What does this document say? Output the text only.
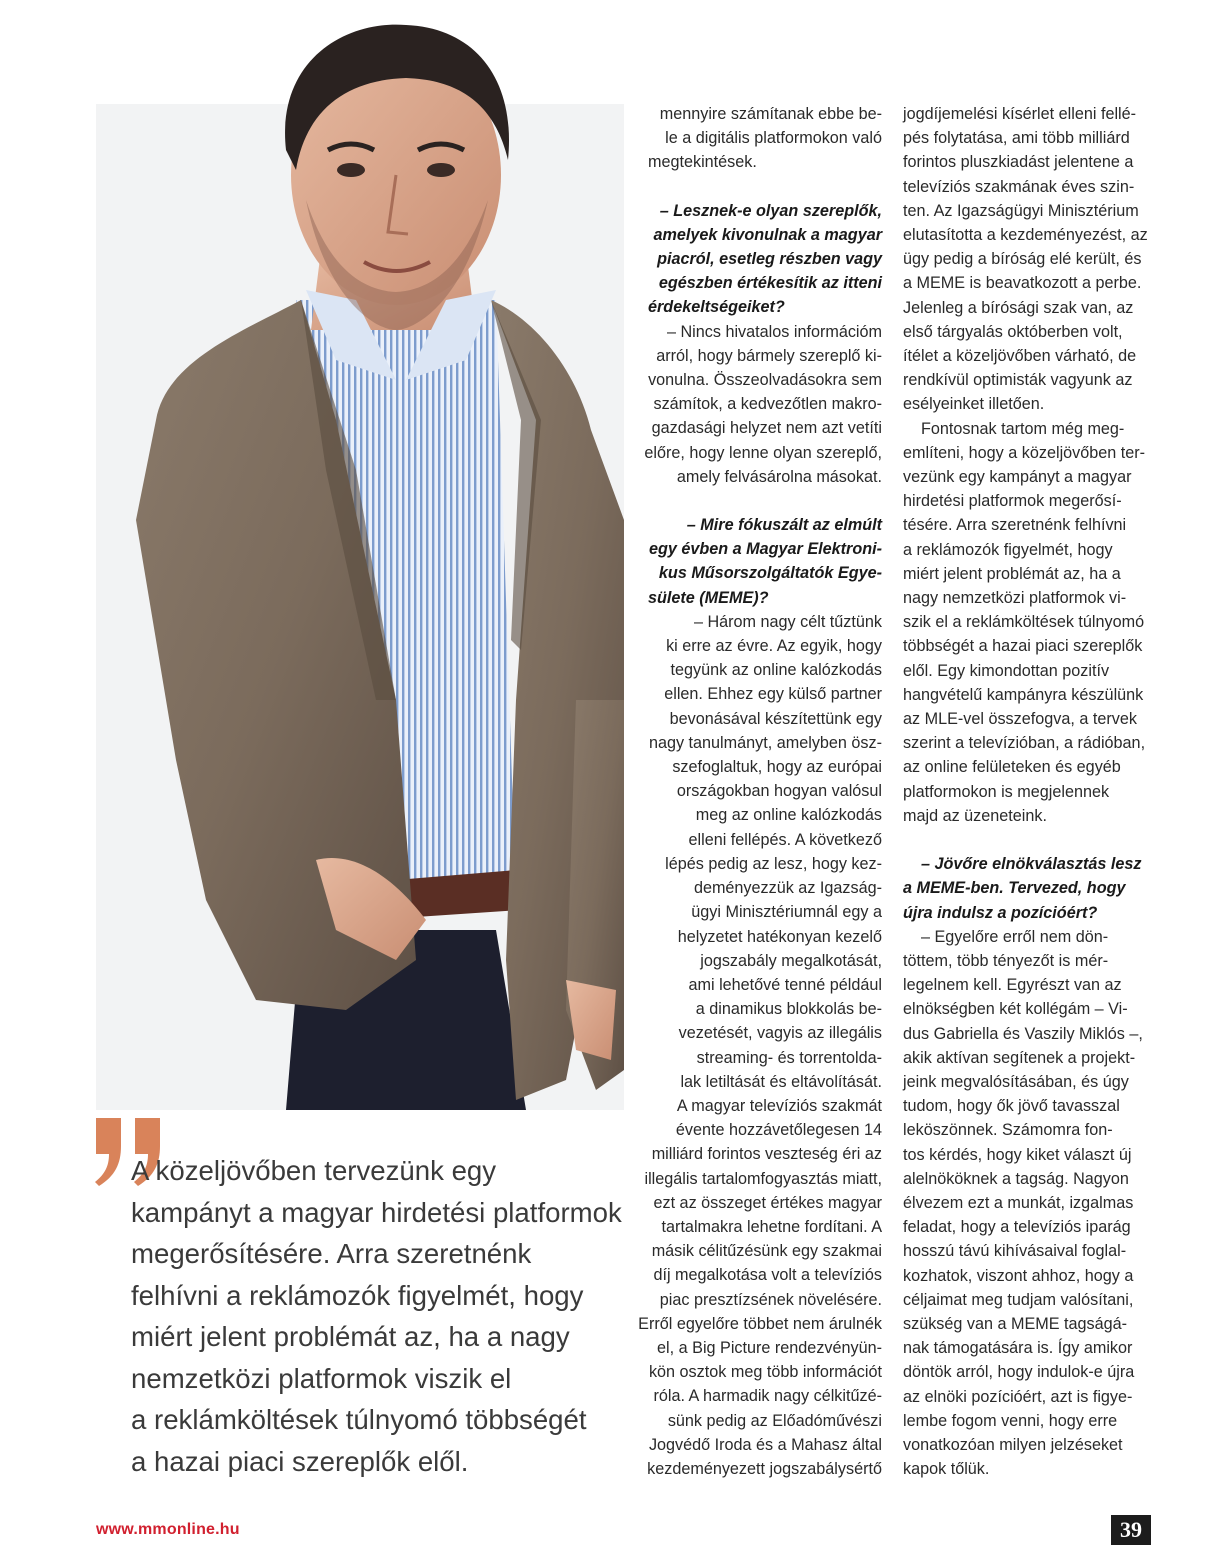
A közeljövőben tervezünk egy
kampányt a magyar hirdetési platformok
megerősítésére. Arra szeretnénk
felhívni a reklámozók figyelmét, hogy
miért jelent problémát az, ha a nagy
nemzetközi platformok viszik el
a reklámköltések túlnyomó többségét
a hazai piaci szereplők elől.
mennyire számítanak ebbe be-
le a digitális platformokon való
megtekintések.
– Lesznek-e olyan szereplők,
amelyek kivonulnak a magyar
piacról, esetleg részben vagy
egészben értékesítik az itteni
érdekeltségeiket?
– Nincs hivatalos információm
arról, hogy bármely szereplő ki-
vonulna. Összeolvadásokra sem
számítok, a kedvezőtlen makro-
gazdasági helyzet nem azt vetíti
előre, hogy lenne olyan szereplő,
amely felvásárolna másokat.
– Mire fókuszált az elmúlt
egy évben a Magyar Elektroni-
kus Műsorszolgáltatók Egye-
sülete (MEME)?
– Három nagy célt tűztünk
ki erre az évre. Az egyik, hogy
tegyünk az online kalózkodás
ellen. Ehhez egy külső partner
bevonásával készítettünk egy
nagy tanulmányt, amelyben ösz-
szefoglaltuk, hogy az európai
országokban hogyan valósul
meg az online kalózkodás
elleni fellépés. A következő
lépés pedig az lesz, hogy kez-
deményezzük az Igazság-
ügyi Minisztériumnál egy a
helyzetet hatékonyan kezelő
jogszabály megalkotását,
ami lehetővé tenné például
a dinamikus blokkolás be-
vezetését, vagyis az illegális
streaming- és torrentolda-
lak letiltását és eltávolítását.
A magyar televíziós szakmát
évente hozzávetőlegesen 14
milliárd forintos veszteség éri az
illegális tartalomfogyasztás miatt,
ezt az összeget értékes magyar
tartalmakra lehetne fordítani. A
másik célitűzésünk egy szakmai
díj megalkotása volt a televíziós
piac presztízsének növelésére.
Erről egyelőre többet nem árulnék
el, a Big Picture rendezvényün-
kön osztok meg több információt
róla. A harmadik nagy célkitűzé-
sünk pedig az Előadóművészi
Jogvédő Iroda és a Mahasz által
kezdeményezett jogszabálysértő
jogdíjemelési kísérlet elleni fellé-
pés folytatása, ami több milliárd
forintos pluszkiadást jelentene a
televíziós szakmának éves szin-
ten. Az Igazságügyi Minisztérium
elutasította a kezdeményezést, az
ügy pedig a bíróság elé került, és
a MEME is beavatkozott a perbe.
Jelenleg a bírósági szak van, az
első tárgyalás októberben volt,
ítélet a közeljövőben várható, de
rendkívül optimisták vagyunk az
esélyeinket illetően.
Fontosnak tartom még meg-
említeni, hogy a közeljövőben ter-
vezünk egy kampányt a magyar
hirdetési platformok megerősí-
tésére. Arra szeretnénk felhívni
a reklámozók figyelmét, hogy
miért jelent problémát az, ha a
nagy nemzetközi platformok vi-
szik el a reklámköltések túlnyomó
többségét a hazai piaci szereplők
elől. Egy kimondottan pozitív
hangvételű kampányra készülünk
az MLE-vel összefogva, a tervek
szerint a televízióban, a rádióban,
az online felületeken és egyéb
platformokon is megjelennek
majd az üzeneteink.
– Jövőre elnökválasztás lesz
a MEME-ben. Tervezed, hogy
újra indulsz a pozícióért?
– Egyelőre erről nem dön-
töttem, több tényezőt is mér-
legelnem kell. Egyrészt van az
elnökségben két kollégám – Vi-
dus Gabriella és Vaszily Miklós –,
akik aktívan segítenek a projekt-
jeink megvalósításában, és úgy
tudom, hogy ők jövő tavasszal
leköszönnek. Számomra fon-
tos kérdés, hogy kiket választ új
alelnököknek a tagság. Nagyon
élvezem ezt a munkát, izgalmas
feladat, hogy a televíziós iparág
hosszú távú kihívásaival foglal-
kozhatok, viszont ahhoz, hogy a
céljaimat meg tudjam valósítani,
szükség van a MEME tagságá-
nak támogatására is. Így amikor
döntök arról, hogy indulok-e újra
az elnöki pozícióért, azt is figye-
lembe fogom venni, hogy erre
vonatkozóan milyen jelzéseket
kapok tőlük.
www.mmonline.hu	39
